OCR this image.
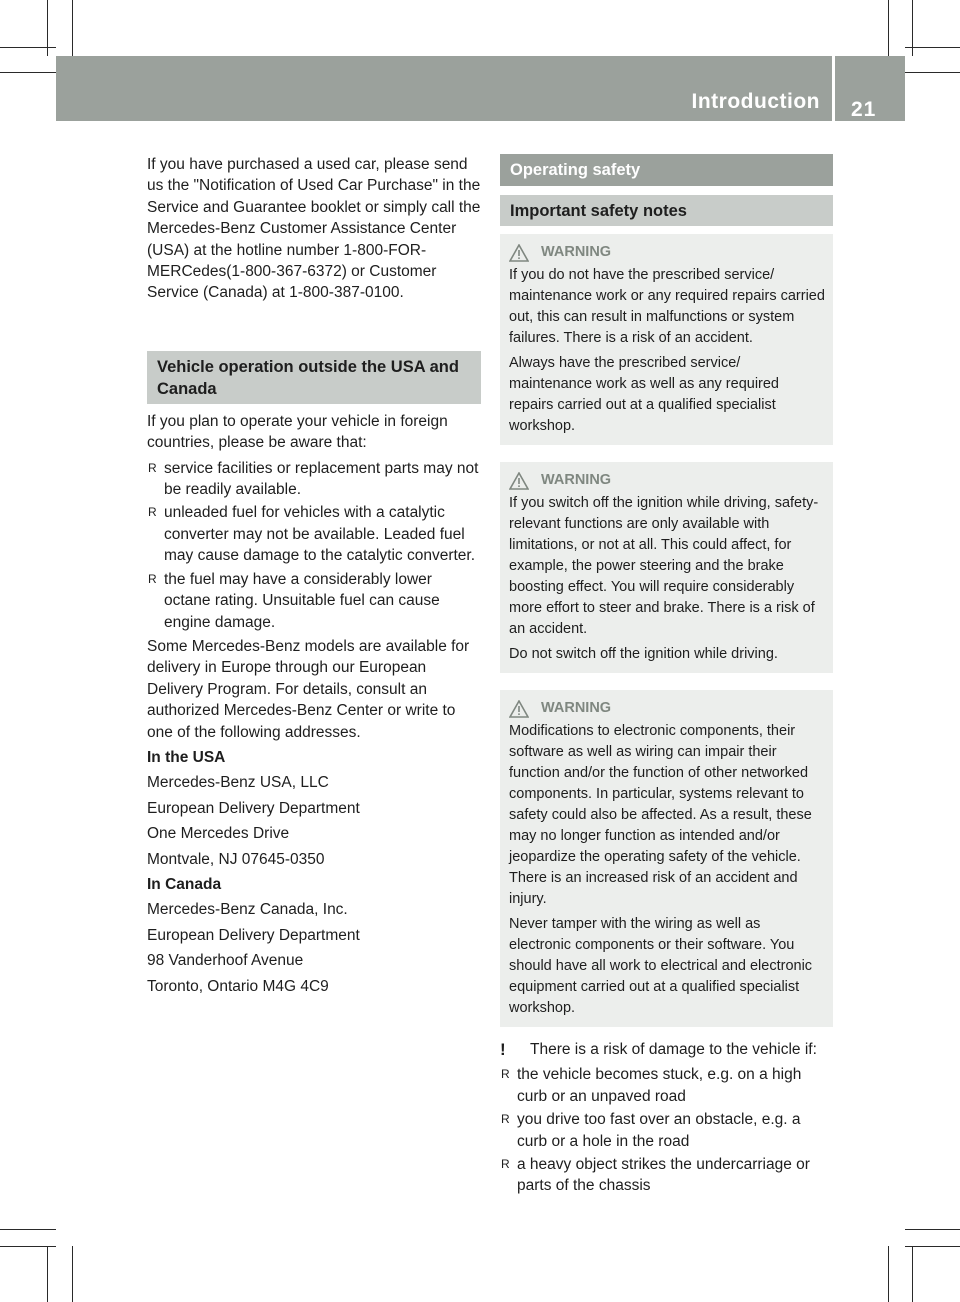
Introduction 21

If you have purchased a used car, please send us the "Notification of Used Car Purchase" in the Service and Guarantee booklet or simply call the Mercedes-Benz Customer Assistance Center (USA) at the hotline number 1-800-FOR-MERCedes(1-800-367-6372) or Customer Service (Canada) at 1-800-387-0100.

Vehicle operation outside the USA and Canada

If you plan to operate your vehicle in foreign countries, please be aware that:

R service facilities or replacement parts may not be readily available.
R unleaded fuel for vehicles with a catalytic converter may not be available. Leaded fuel may cause damage to the catalytic converter.
R the fuel may have a considerably lower octane rating. Unsuitable fuel can cause engine damage.

Some Mercedes-Benz models are available for delivery in Europe through our European Delivery Program. For details, consult an authorized Mercedes-Benz Center or write to one of the following addresses.

In the USA

Mercedes-Benz USA, LLC

European Delivery Department

One Mercedes Drive

Montvale, NJ 07645-0350

In Canada

Mercedes-Benz Canada, Inc.

European Delivery Department

98 Vanderhoof Avenue

Toronto, Ontario M4G 4C9

Operating safety
Important safety notes
WARNING

If you do not have the prescribed service/ maintenance work or any required repairs carried out, this can result in malfunctions or system failures. There is a risk of an accident.

Always have the prescribed service/ maintenance work as well as any required repairs carried out at a qualified specialist workshop.

WARNING

If you switch off the ignition while driving, safety-relevant functions are only available with limitations, or not at all. This could affect, for example, the power steering and the brake boosting effect. You will require considerably more effort to steer and brake. There is a risk of an accident.

Do not switch off the ignition while driving.

WARNING

Modifications to electronic components, their software as well as wiring can impair their function and/or the function of other networked components. In particular, systems relevant to safety could also be affected. As a result, these may no longer function as intended and/or jeopardize the operating safety of the vehicle. There is an increased risk of an accident and injury.

Never tamper with the wiring as well as electronic components or their software. You should have all work to electrical and electronic equipment carried out at a qualified specialist workshop.

! There is a risk of damage to the vehicle if:

R the vehicle becomes stuck, e.g. on a high curb or an unpaved road
R you drive too fast over an obstacle, e.g. a curb or a hole in the road
R a heavy object strikes the undercarriage or parts of the chassis
